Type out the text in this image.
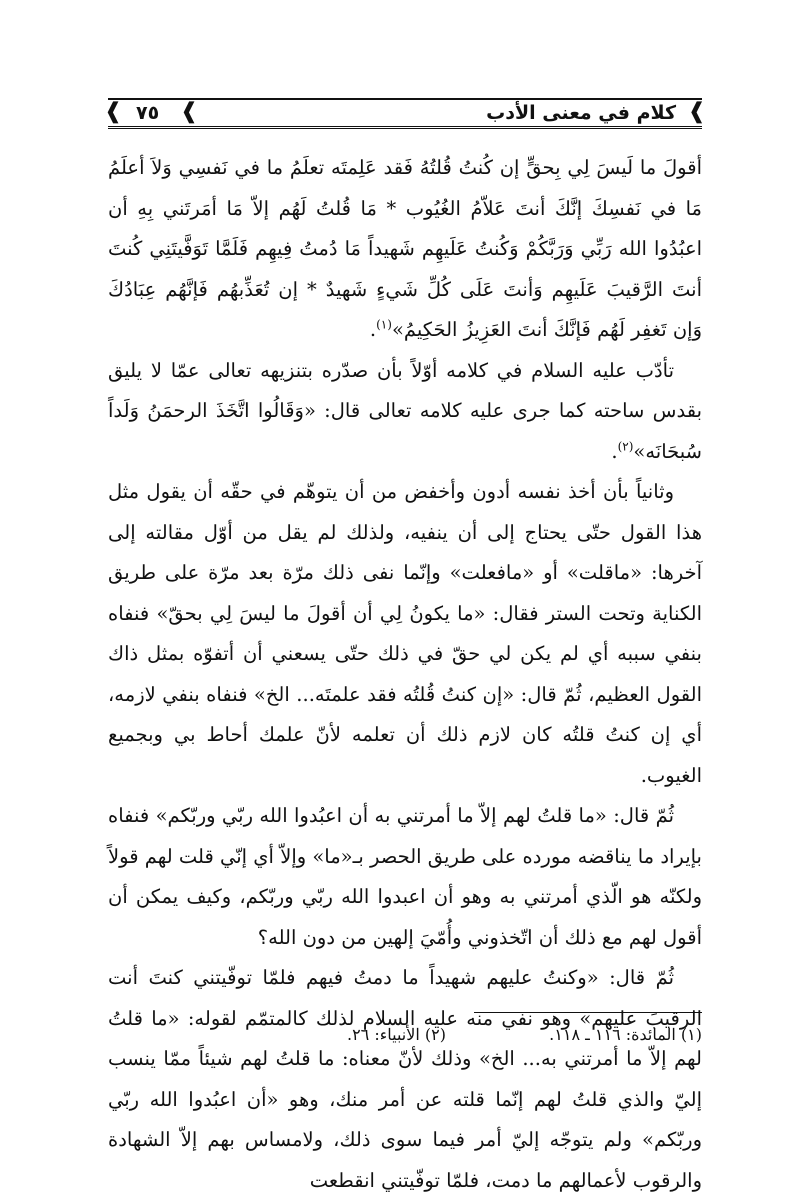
❰
كلام في معنى الأدب
❰
٧٥
❰

أقولَ ما لَيسَ لِي بِحقٍّ إن كُنتُ قُلتُهُ فَقد عَلِمتَه تعلَمُ ما في نَفسِي وَلاَ أعلَمُ مَا في نَفسِكَ إنَّكَ أنتَ عَلاّمُ الغُيُوب * مَا قُلتُ لَهُم إلاّ مَا أمَرتَني بِهِ أن اعبُدُوا الله رَبِّي وَرَبَّكُمْ وَكُنتُ عَلَيهِم شَهيداً مَا دُمتُ فِيهِم فَلَمَّا تَوَفَّيتَنِي كُنتَ أنتَ الرَّقيبَ عَلَيهِم وَأنتَ عَلَى كُلِّ شَيءٍ شَهيدٌ * إن تُعَذِّبهُم فَإنَّهُم عِبَادُكَ وَإن تَغفِر لَهُم فَإنَّكَ أنتَ العَزِيزُ الحَكِيمُ»$^{(١)}$.

تأدّب عليه السلام في كلامه أوّلاً بأن صدّره بتنزيهه تعالى عمّا لا يليق بقدس ساحته كما جرى عليه كلامه تعالى قال: «وَقَالُوا اتَّخَذَ الرحمَنُ وَلَداً سُبحَانَه»$^{(٢)}$.

وثانياً بأن أخذ نفسه أدون وأخفض من أن يتوهّم في حقّه أن يقول مثل هذا القول حتّى يحتاج إلى أن ينفيه، ولذلك لم يقل من أوّل مقالته إلى آخرها: «ماقلت» أو «مافعلت» وإنّما نفى ذلك مرّة بعد مرّة على طريق الكناية وتحت الستر فقال: «ما يكونُ لِي أن أقولَ ما ليسَ لِي بحقّ» فنفاه بنفي سببه أي لم يكن لي حقّ في ذلك حتّى يسعني أن أتفوّه بمثل ذاك القول العظيم، ثُمّ قال: «إن كنتُ قُلتُه فقد علمتَه... الخ» فنفاه بنفي لازمه، أي إن كنتُ قلتُه كان لازم ذلك أن تعلمه لأنّ علمك أحاط بي وبجميع الغيوب.

ثُمّ قال: «ما قلتُ لهم إلاّ ما أمرتني به أن اعبُدوا الله ربّي وربّكم» فنفاه بإيراد ما يناقضه مورده على طريق الحصر بـ«ما» وإلاّ أي إنّي قلت لهم قولاً ولكنّه هو الّذي أمرتني به وهو أن اعبدوا الله ربّي وربّكم، وكيف يمكن أن أقول لهم مع ذلك أن اتّخذوني وأُمّيَ إلهين من دون الله؟

ثُمّ قال: «وكنتُ عليهم شهيداً ما دمتُ فيهم فلمّا توفّيتني كنتَ أنت الرقيبَ عليهم» وهو نفي منه عليه السلام لذلك كالمتمّم لقوله: «ما قلتُ لهم إلاّ ما أمرتني به... الخ» وذلك لأنّ معناه: ما قلتُ لهم شيئاً ممّا ينسب إليّ والذي قلتُ لهم إنّما قلته عن أمر منك، وهو «أن اعبُدوا الله ربّي وربّكم» ولم يتوجّه إليّ أمر فيما سوى ذلك، ولامساس بهم إلاّ الشهادة والرقوب لأعمالهم ما دمت، فلمّا توفّيتني انقطعت

(١) المائدة: ١١٦ ـ ١١٨.
(٢) الأنبياء: ٢٦.
